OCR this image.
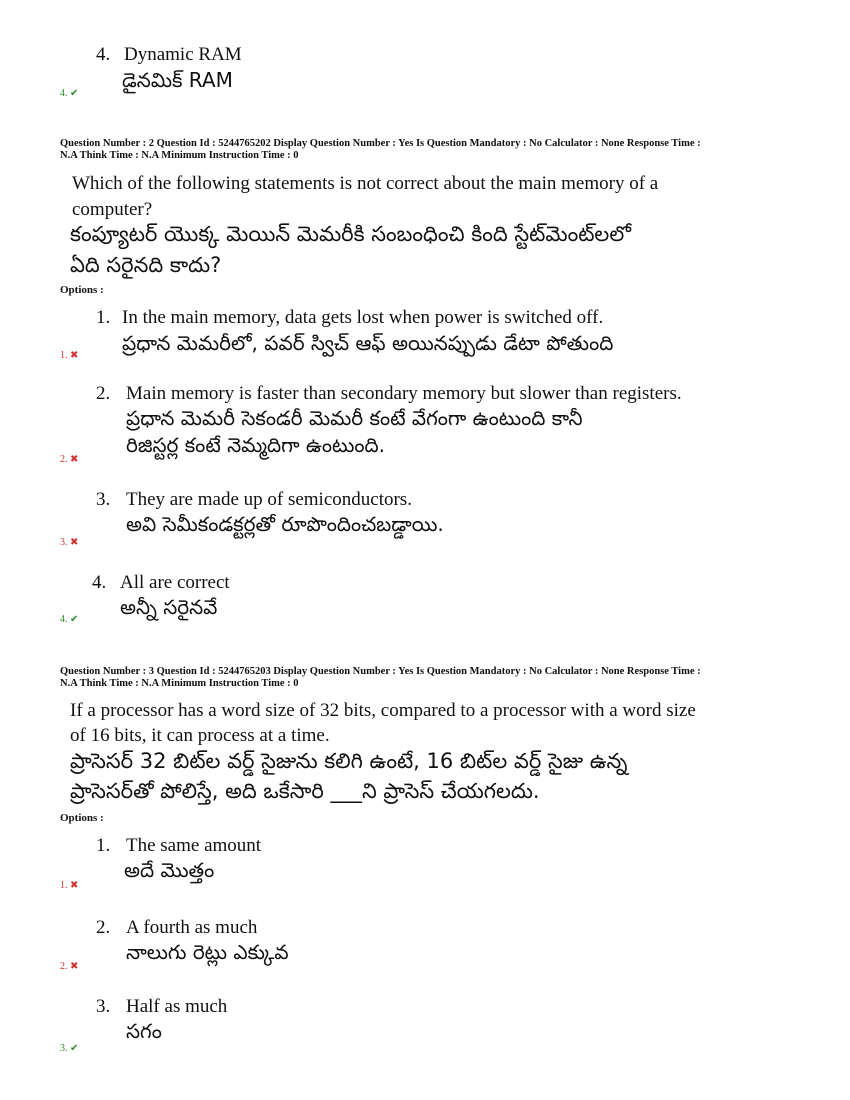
4. Dynamic RAM
డైనమిక్ RAM
4. ✔
Question Number : 2 Question Id : 5244765202 Display Question Number : Yes Is Question Mandatory : No Calculator : None Response Time :
N.A Think Time : N.A Minimum Instruction Time : 0
Which of the following statements is not correct about the main memory of a
computer?
కంప్యూటర్ యొక్క మెయిన్ మెమరీకి సంబంధించి కింది స్టేట్‌మెంట్‌లలో
ఏది సరైనది కాదు?
Options :
1. In the main memory, data gets lost when power is switched off.
ప్రధాన మెమరీలో, పవర్ స్విచ్ ఆఫ్ అయినప్పుడు డేటా పోతుంది
1. ✖
2. Main memory is faster than secondary memory but slower than registers.
ప్రధాన మెమరీ సెకండరీ మెమరీ కంటే వేగంగా ఉంటుంది కానీ
రిజిస్టర్ల కంటే నెమ్మదిగా ఉంటుంది.
2. ✖
3. They are made up of semiconductors.
అవి సెమీకండక్టర్లతో రూపొందించబడ్డాయి.
3. ✖
4. All are correct
అన్నీ సరైనవే
4. ✔
Question Number : 3 Question Id : 5244765203 Display Question Number : Yes Is Question Mandatory : No Calculator : None Response Time :
N.A Think Time : N.A Minimum Instruction Time : 0
If a processor has a word size of 32 bits, compared to a processor with a word size
of 16 bits, it can process at a time.
ప్రాసెసర్ 32 బిట్‌ల వర్డ్ సైజును కలిగి ఉంటే, 16 బిట్‌ల వర్డ్ సైజు ఉన్న
ప్రాసెసర్‌తో పోలిస్తే, అది ఒకేసారి ___ని ప్రాసెస్ చేయగలదు.
Options :
1. The same amount
అదే మొత్తం
1. ✖
2. A fourth as much
నాలుగు రెట్లు ఎక్కువ
2. ✖
3. Half as much
సగం
3. ✔
